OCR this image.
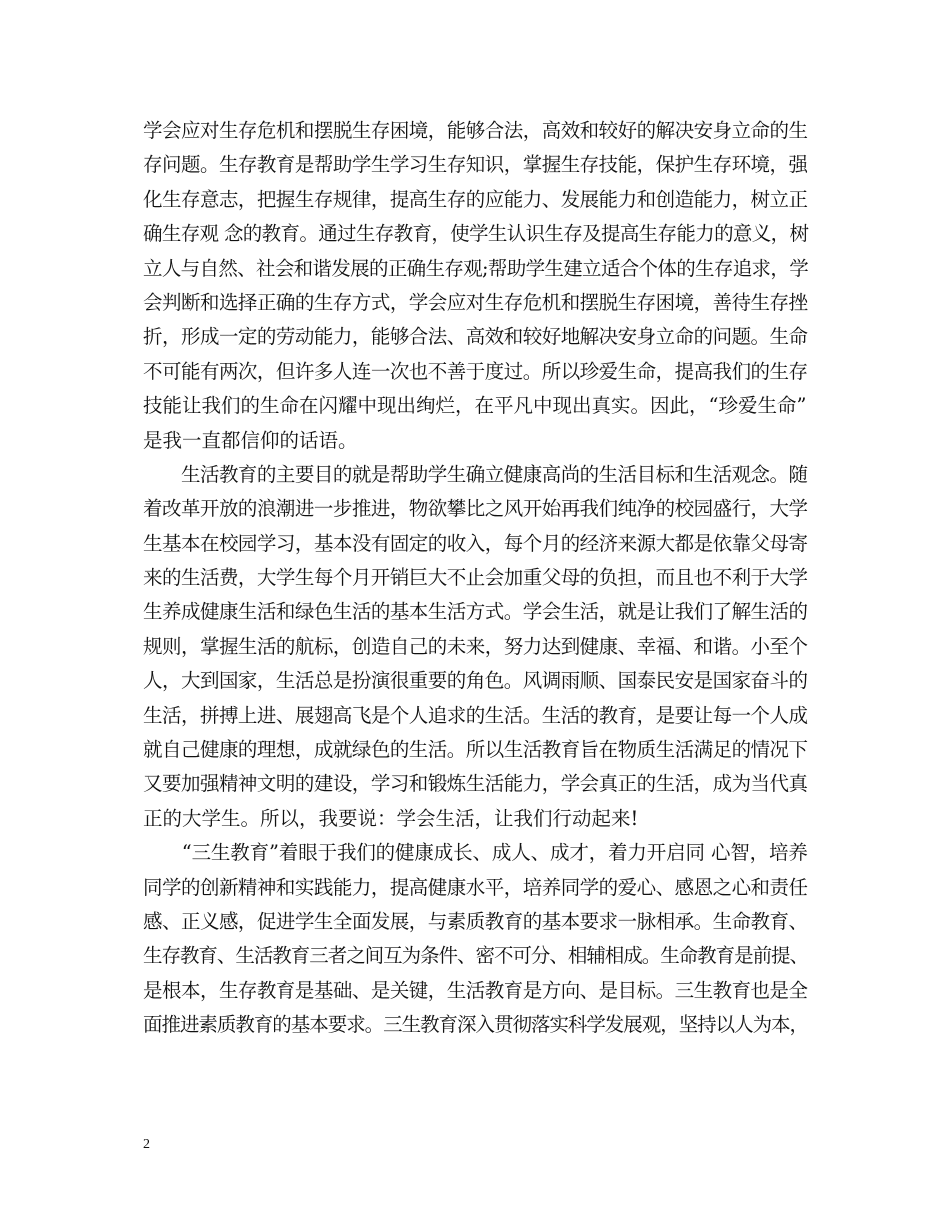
学会应对生存危机和摆脱生存困境，能够合法，高效和较好的解决安身立命的生
存问题。生存教育是帮助学生学习生存知识，掌握生存技能，保护生存环境，强
化生存意志，把握生存规律，提高生存的应能力、发展能力和创造能力，树立正
确生存观 念的教育。通过生存教育，使学生认识生存及提高生存能力的意义，树
立人与自然、社会和谐发展的正确生存观;帮助学生建立适合个体的生存追求，学
会判断和选择正确的生存方式，学会应对生存危机和摆脱生存困境，善待生存挫
折，形成一定的劳动能力，能够合法、高效和较好地解决安身立命的问题。生命
不可能有两次，但许多人连一次也不善于度过。所以珍爱生命，提高我们的生存
技能让我们的生命在闪耀中现出绚烂，在平凡中现出真实。因此，“珍爱生命”
是我一直都信仰的话语。
　　生活教育的主要目的就是帮助学生确立健康高尚的生活目标和生活观念。随
着改革开放的浪潮进一步推进，物欲攀比之风开始再我们纯净的校园盛行，大学
生基本在校园学习，基本没有固定的收入，每个月的经济来源大都是依靠父母寄
来的生活费，大学生每个月开销巨大不止会加重父母的负担，而且也不利于大学
生养成健康生活和绿色生活的基本生活方式。学会生活，就是让我们了解生活的
规则，掌握生活的航标，创造自己的未来，努力达到健康、幸福、和谐。小至个
人，大到国家，生活总是扮演很重要的角色。风调雨顺、国泰民安是国家奋斗的
生活，拼搏上进、展翅高飞是个人追求的生活。生活的教育，是要让每一个人成
就自己健康的理想，成就绿色的生活。所以生活教育旨在物质生活满足的情况下
又要加强精神文明的建设，学习和锻炼生活能力，学会真正的生活，成为当代真
正的大学生。所以，我要说：学会生活，让我们行动起来!
　　“三生教育”着眼于我们的健康成长、成人、成才，着力开启同 心智，培养
同学的创新精神和实践能力，提高健康水平，培养同学的爱心、感恩之心和责任
感、正义感，促进学生全面发展，与素质教育的基本要求一脉相承。生命教育、
生存教育、生活教育三者之间互为条件、密不可分、相辅相成。生命教育是前提、
是根本，生存教育是基础、是关键，生活教育是方向、是目标。三生教育也是全
面推进素质教育的基本要求。三生教育深入贯彻落实科学发展观，坚持以人为本，
2
